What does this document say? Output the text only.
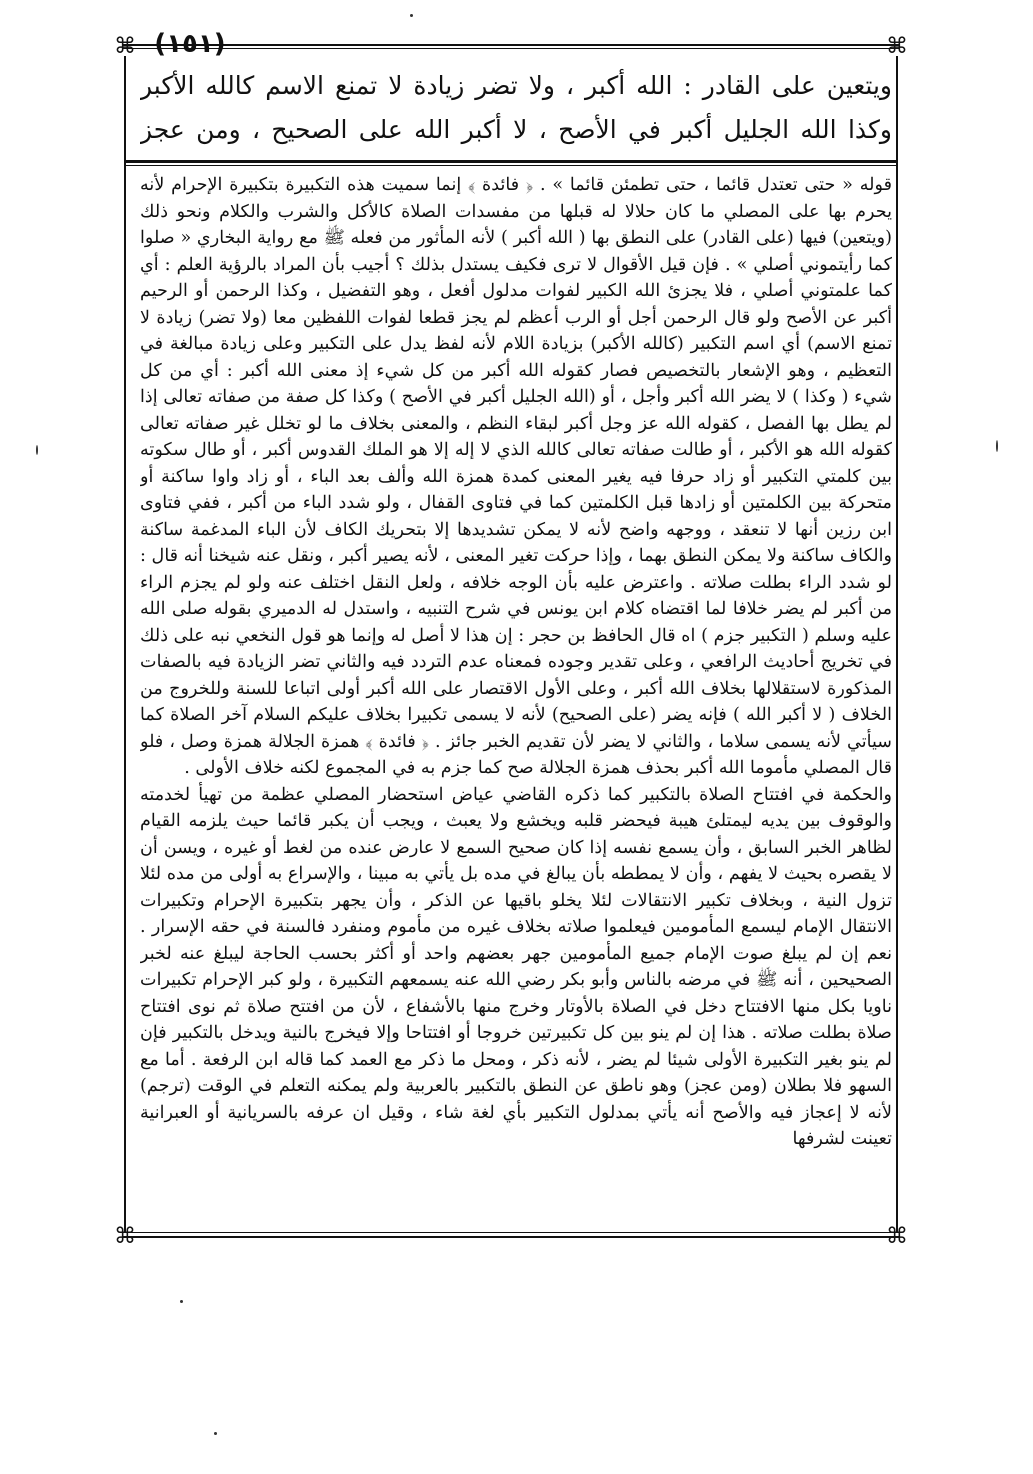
⌘	⌘
⌘	⌘
ويتعين على القادر : الله أكبر ، ولا تضر زيادة لا تمنع الاسم كالله الأكبر وكذا الله الجليل أكبر في الأصح ، لا أكبر الله على الصحيح ، ومن عجز

قوله « حتى تعتدل قائما ، حتى تطمئن قائما » . ﴿ فائدة ﴾ إنما سميت هذه التكبيرة بتكبيرة الإحرام لأنه يحرم بها على المصلي ما كان حلالا له قبلها من مفسدات الصلاة كالأكل والشرب والكلام ونحو ذلك (ويتعين) فيها (على القادر) على النطق بها ( الله أكبر ) لأنه المأثور من فعله ﷺ مع رواية البخاري « صلوا كما رأيتموني أصلي » . فإن قيل الأقوال لا ترى فكيف يستدل بذلك ؟ أجيب بأن المراد بالرؤية العلم : أي كما علمتوني أصلي ، فلا يجزئ الله الكبير لفوات مدلول أفعل ، وهو التفضيل ، وكذا الرحمن أو الرحيم أكبر عن الأصح ولو قال الرحمن أجل أو الرب أعظم لم يجز قطعا لفوات اللفظين معا (ولا تضر) زيادة لا تمنع الاسم) أي اسم التكبير (كالله الأكبر) بزيادة اللام لأنه لفظ يدل على التكبير وعلى زيادة مبالغة في التعظيم ، وهو الإشعار بالتخصيص فصار كقوله الله أكبر من كل شيء إذ معنى الله أكبر : أي من كل شيء ( وكذا ) لا يضر الله أكبر وأجل ، أو (الله الجليل أكبر في الأصح ) وكذا كل صفة من صفاته تعالى إذا لم يطل بها الفصل ، كقوله الله عز وجل أكبر لبقاء النظم ، والمعنى بخلاف ما لو تخلل غير صفاته تعالى كقوله الله هو الأكبر ، أو طالت صفاته تعالى كالله الذي لا إله إلا هو الملك القدوس أكبر ، أو طال سكوته بين كلمتي التكبير أو زاد حرفا فيه يغير المعنى كمدة همزة الله وألف بعد الباء ، أو زاد واوا ساكنة أو متحركة بين الكلمتين أو زادها قبل الكلمتين كما في فتاوى القفال ، ولو شدد الباء من أكبر ، ففي فتاوى ابن رزين أنها لا تنعقد ، ووجهه واضح لأنه لا يمكن تشديدها إلا بتحريك الكاف لأن الباء المدغمة ساكنة والكاف ساكنة ولا يمكن النطق بهما ، وإذا حركت تغير المعنى ، لأنه يصير أكبر ، ونقل عنه شيخنا أنه قال : لو شدد الراء بطلت صلاته . واعترض عليه بأن الوجه خلافه ، ولعل النقل اختلف عنه ولو لم يجزم الراء من أكبر لم يضر خلافا لما اقتضاه كلام ابن يونس في شرح التنبيه ، واستدل له الدميري بقوله صلى الله عليه وسلم ( التكبير جزم ) اه قال الحافظ بن حجر : إن هذا لا أصل له وإنما هو قول النخعي نبه على ذلك في تخريج أحاديث الرافعي ، وعلى تقدير وجوده فمعناه عدم التردد فيه والثاني تضر الزيادة فيه بالصفات المذكورة لاستقلالها بخلاف الله أكبر ، وعلى الأول الاقتصار على الله أكبر أولى اتباعا للسنة وللخروج من الخلاف ( لا أكبر الله ) فإنه يضر (على الصحيح) لأنه لا يسمى تكبيرا بخلاف عليكم السلام آخر الصلاة كما سيأتي لأنه يسمى سلاما ، والثاني لا يضر لأن تقديم الخبر جائز . ﴿ فائدة ﴾ همزة الجلالة همزة وصل ، فلو قال المصلي مأموما الله أكبر بحذف همزة الجلالة صح كما جزم به في المجموع لكنه خلاف الأولى .

والحكمة في افتتاح الصلاة بالتكبير كما ذكره القاضي عياض استحضار المصلي عظمة من تهيأ لخدمته والوقوف بين يديه ليمتلئ هيبة فيحضر قلبه ويخشع ولا يعبث ، ويجب أن يكبر قائما حيث يلزمه القيام لظاهر الخبر السابق ، وأن يسمع نفسه إذا كان صحيح السمع لا عارض عنده من لغط أو غيره ، ويسن أن لا يقصره بحيث لا يفهم ، وأن لا يمططه بأن يبالغ في مده بل يأتي به مبينا ، والإسراع به أولى من مده لئلا تزول النية ، وبخلاف تكبير الانتقالات لئلا يخلو باقيها عن الذكر ، وأن يجهر بتكبيرة الإحرام وتكبيرات الانتقال الإمام ليسمع المأمومين فيعلموا صلاته بخلاف غيره من مأموم ومنفرد فالسنة في حقه الإسرار . نعم إن لم يبلغ صوت الإمام جميع المأمومين جهر بعضهم واحد أو أكثر بحسب الحاجة ليبلغ عنه لخبر الصحيحين ، أنه ﷺ في مرضه بالناس وأبو بكر رضي الله عنه يسمعهم التكبيرة ، ولو كبر الإحرام تكبيرات ناويا بكل منها الافتتاح دخل في الصلاة بالأوتار وخرج منها بالأشفاع ، لأن من افتتح صلاة ثم نوى افتتاح صلاة بطلت صلاته . هذا إن لم ينو بين كل تكبيرتين خروجا أو افتتاحا وإلا فيخرج بالنية ويدخل بالتكبير فإن لم ينو بغير التكبيرة الأولى شيئا لم يضر ، لأنه ذكر ، ومحل ما ذكر مع العمد كما قاله ابن الرفعة . أما مع السهو فلا بطلان (ومن عجز) وهو ناطق عن النطق بالتكبير بالعربية ولم يمكنه التعلم في الوقت (ترجم) لأنه لا إعجاز فيه والأصح أنه يأتي بمدلول التكبير بأي لغة شاء ، وقيل ان عرفه بالسريانية أو العبرانية تعينت لشرفها
